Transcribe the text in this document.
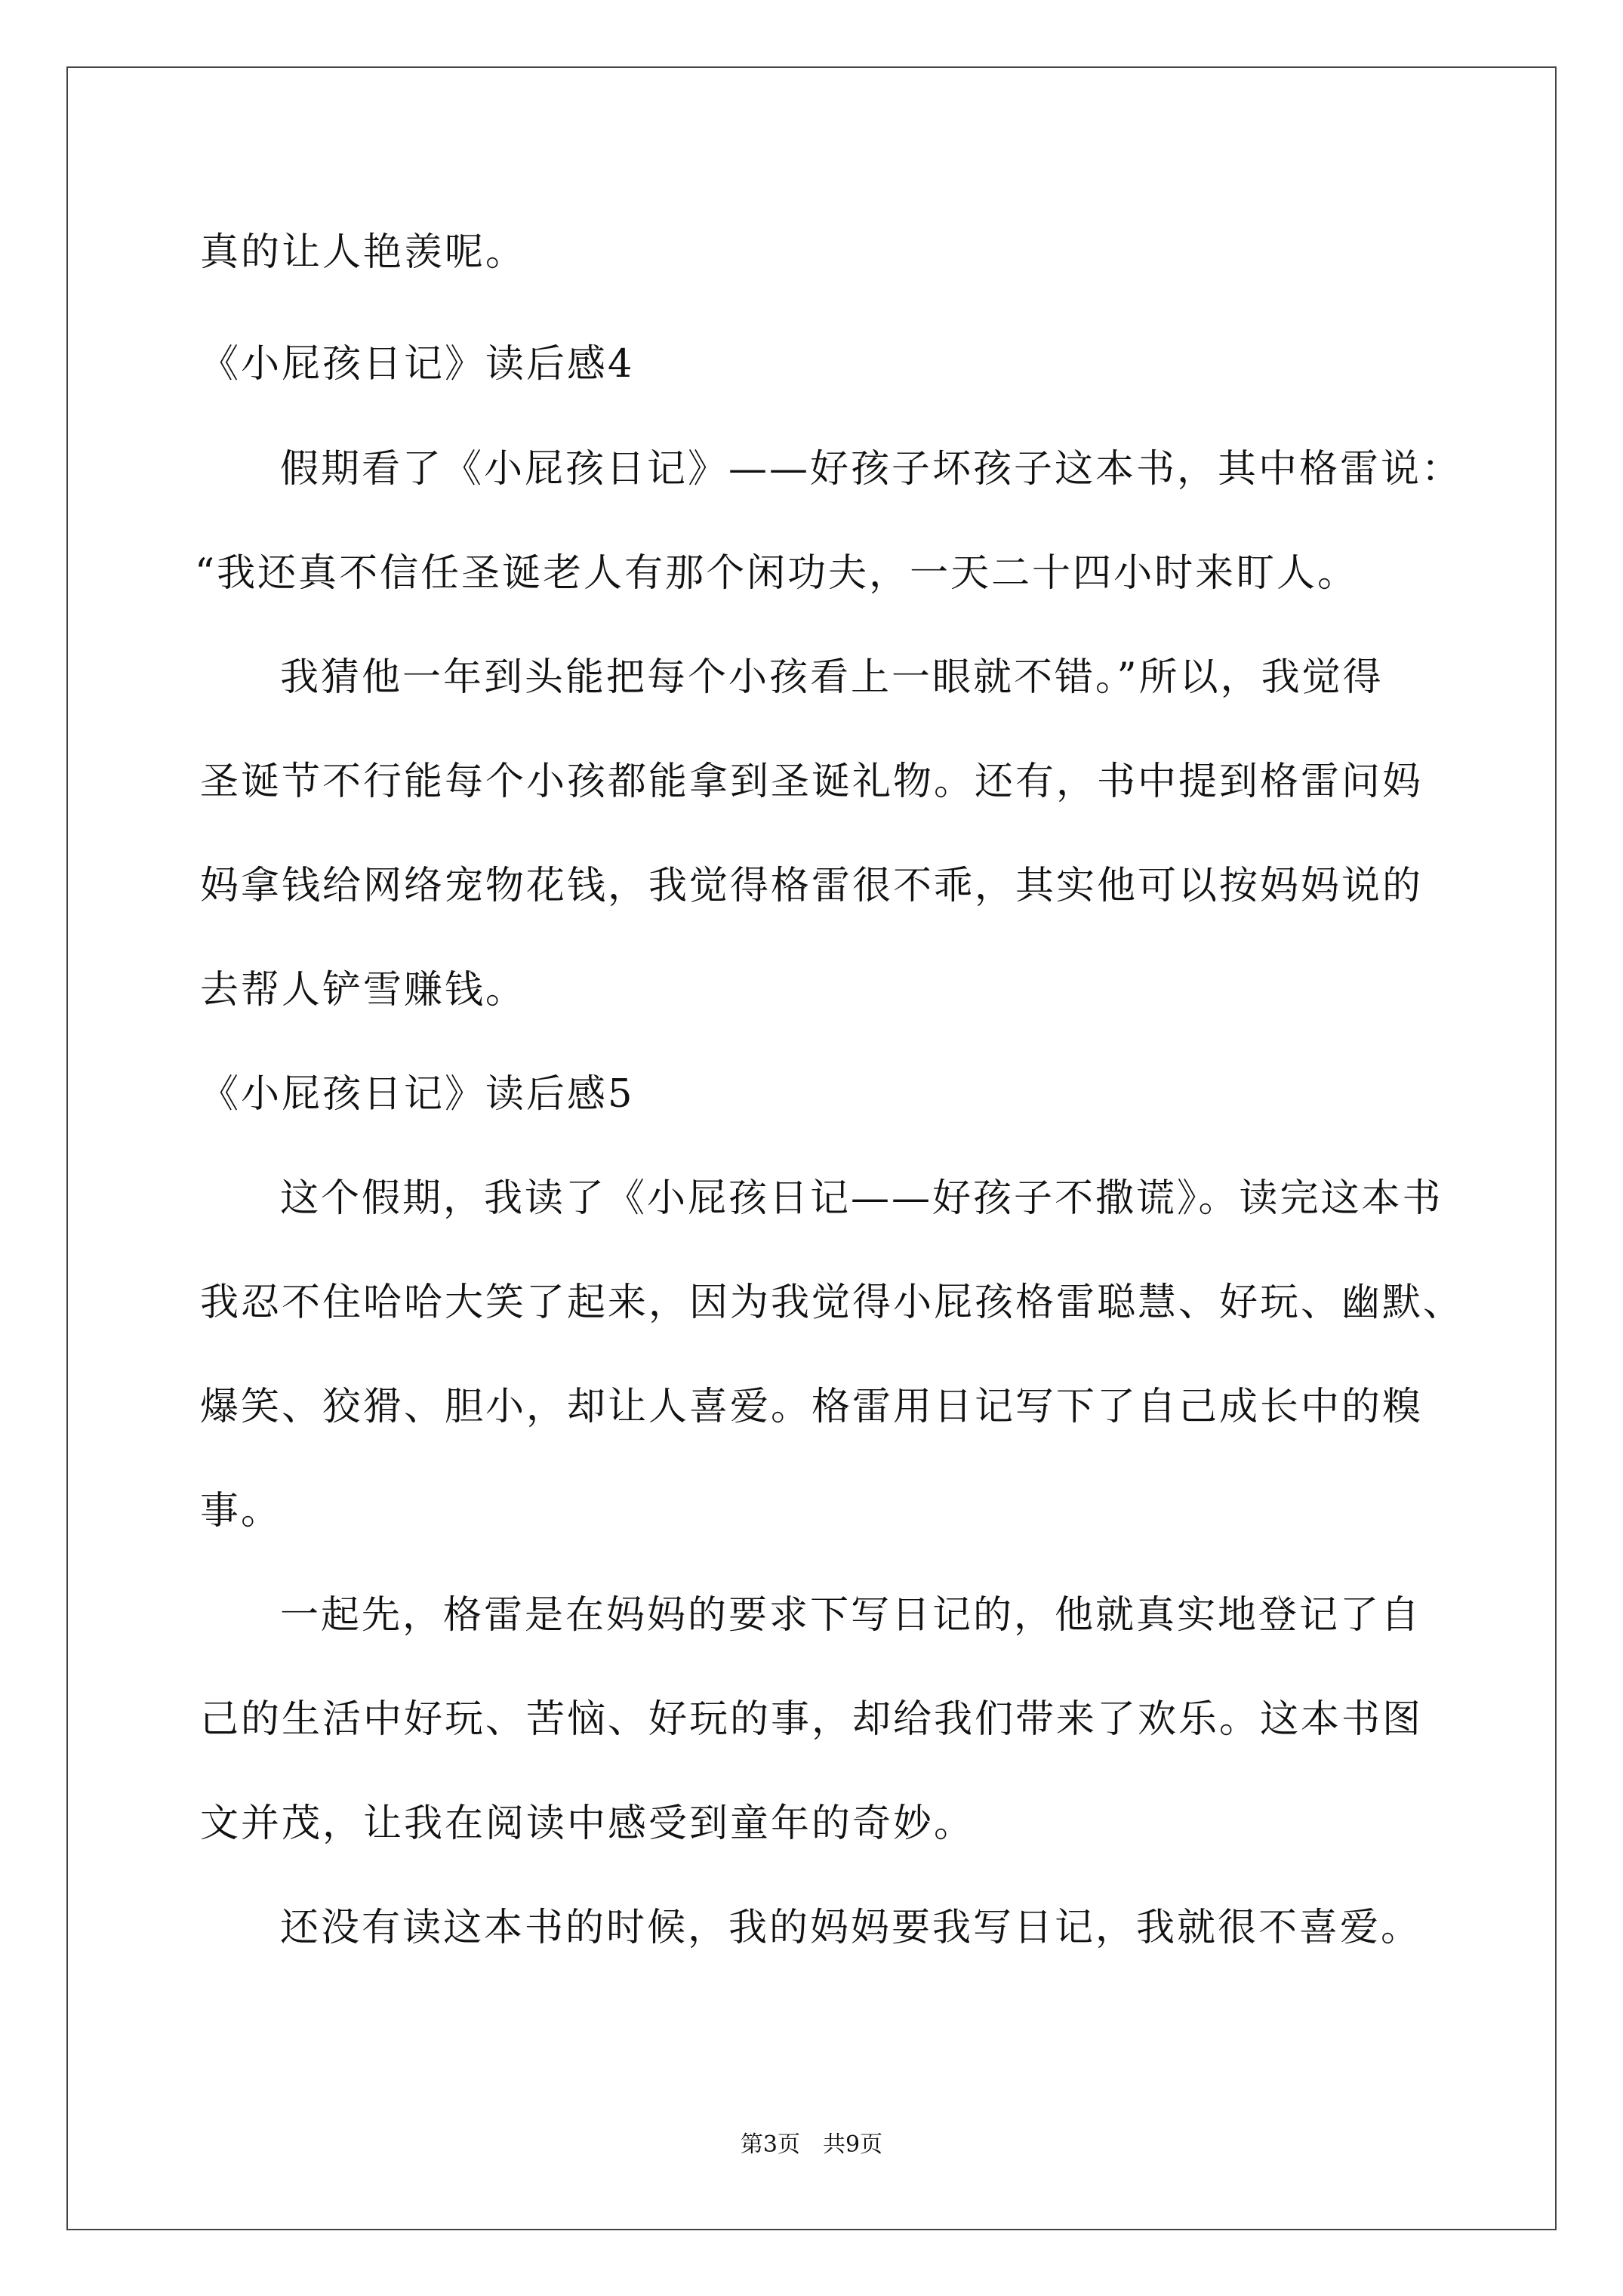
真的让人艳羡呢。
《小屁孩日记》读后感4
假期看了《小屁孩日记》——好孩子坏孩子这本书，其中格雷说：
“我还真不信任圣诞老人有那个闲功夫，一天二十四小时来盯人。
我猜他一年到头能把每个小孩看上一眼就不错。”所以，我觉得
圣诞节不行能每个小孩都能拿到圣诞礼物。还有，书中提到格雷问妈
妈拿钱给网络宠物花钱，我觉得格雷很不乖，其实他可以按妈妈说的
去帮人铲雪赚钱。
《小屁孩日记》读后感5
这个假期，我读了《小屁孩日记——好孩子不撒谎》。读完这本书
我忍不住哈哈大笑了起来，因为我觉得小屁孩格雷聪慧、好玩、幽默、
爆笑、狡猾、胆小，却让人喜爱。格雷用日记写下了自己成长中的糗
事。
一起先，格雷是在妈妈的要求下写日记的，他就真实地登记了自
己的生活中好玩、苦恼、好玩的事，却给我们带来了欢乐。这本书图
文并茂，让我在阅读中感受到童年的奇妙。
还没有读这本书的时候，我的妈妈要我写日记，我就很不喜爱。
第3页　共9页
